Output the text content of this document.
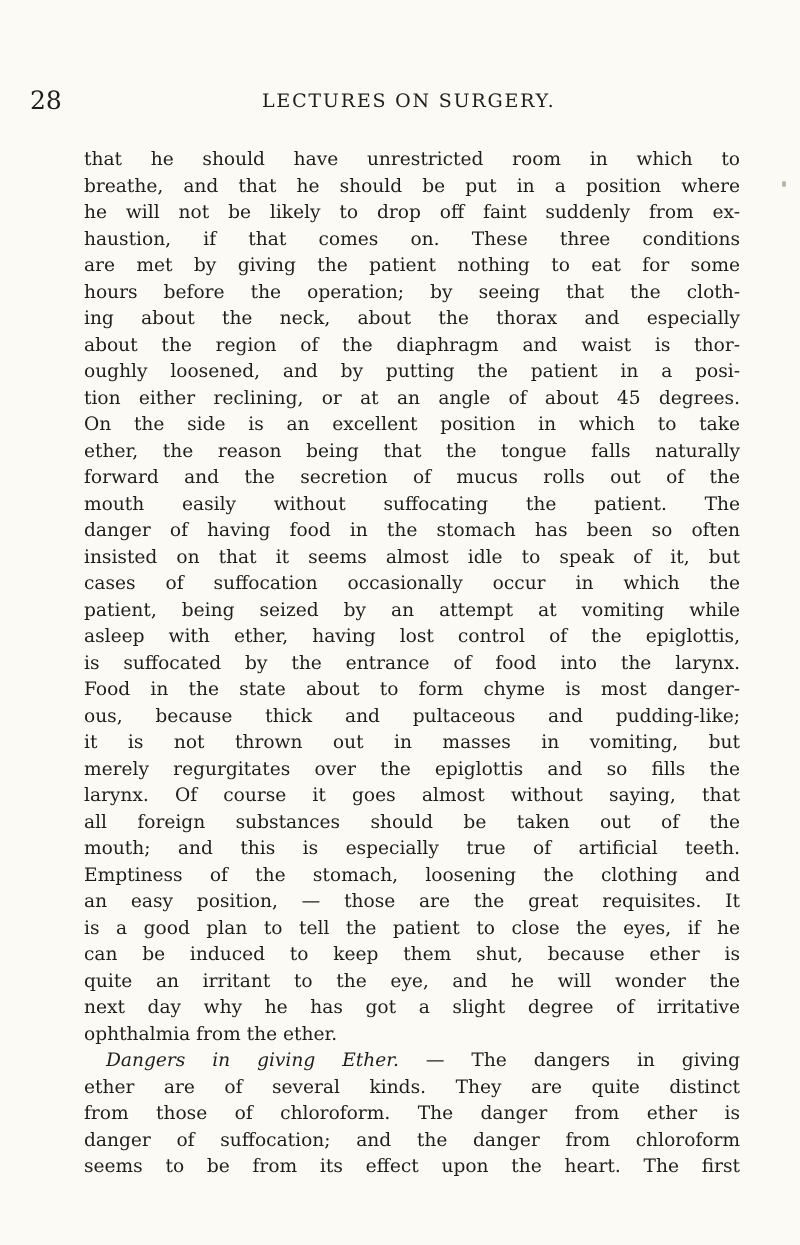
28	LECTURES ON SURGERY.
that he should have unrestricted room in which to
breathe, and that he should be put in a position where
he will not be likely to drop off faint suddenly from ex-
haustion, if that comes on. These three conditions
are met by giving the patient nothing to eat for some
hours before the operation; by seeing that the cloth-
ing about the neck, about the thorax and especially
about the region of the diaphragm and waist is thor-
oughly loosened, and by putting the patient in a posi-
tion either reclining, or at an angle of about 45 degrees.
On the side is an excellent position in which to take
ether, the reason being that the tongue falls naturally
forward and the secretion of mucus rolls out of the
mouth easily without suffocating the patient. The
danger of having food in the stomach has been so often
insisted on that it seems almost idle to speak of it, but
cases of suffocation occasionally occur in which the
patient, being seized by an attempt at vomiting while
asleep with ether, having lost control of the epiglottis,
is suffocated by the entrance of food into the larynx.
Food in the state about to form chyme is most danger-
ous, because thick and pultaceous and pudding-like;
it is not thrown out in masses in vomiting, but
merely regurgitates over the epiglottis and so fills the
larynx. Of course it goes almost without saying, that
all foreign substances should be taken out of the
mouth; and this is especially true of artificial teeth.
Emptiness of the stomach, loosening the clothing and
an easy position, — those are the great requisites. It
is a good plan to tell the patient to close the eyes, if he
can be induced to keep them shut, because ether is
quite an irritant to the eye, and he will wonder the
next day why he has got a slight degree of irritative
ophthalmia from the ether.
Dangers in giving Ether. — The dangers in giving
ether are of several kinds. They are quite distinct
from those of chloroform. The danger from ether is
danger of suffocation; and the danger from chloroform
seems to be from its effect upon the heart. The first
